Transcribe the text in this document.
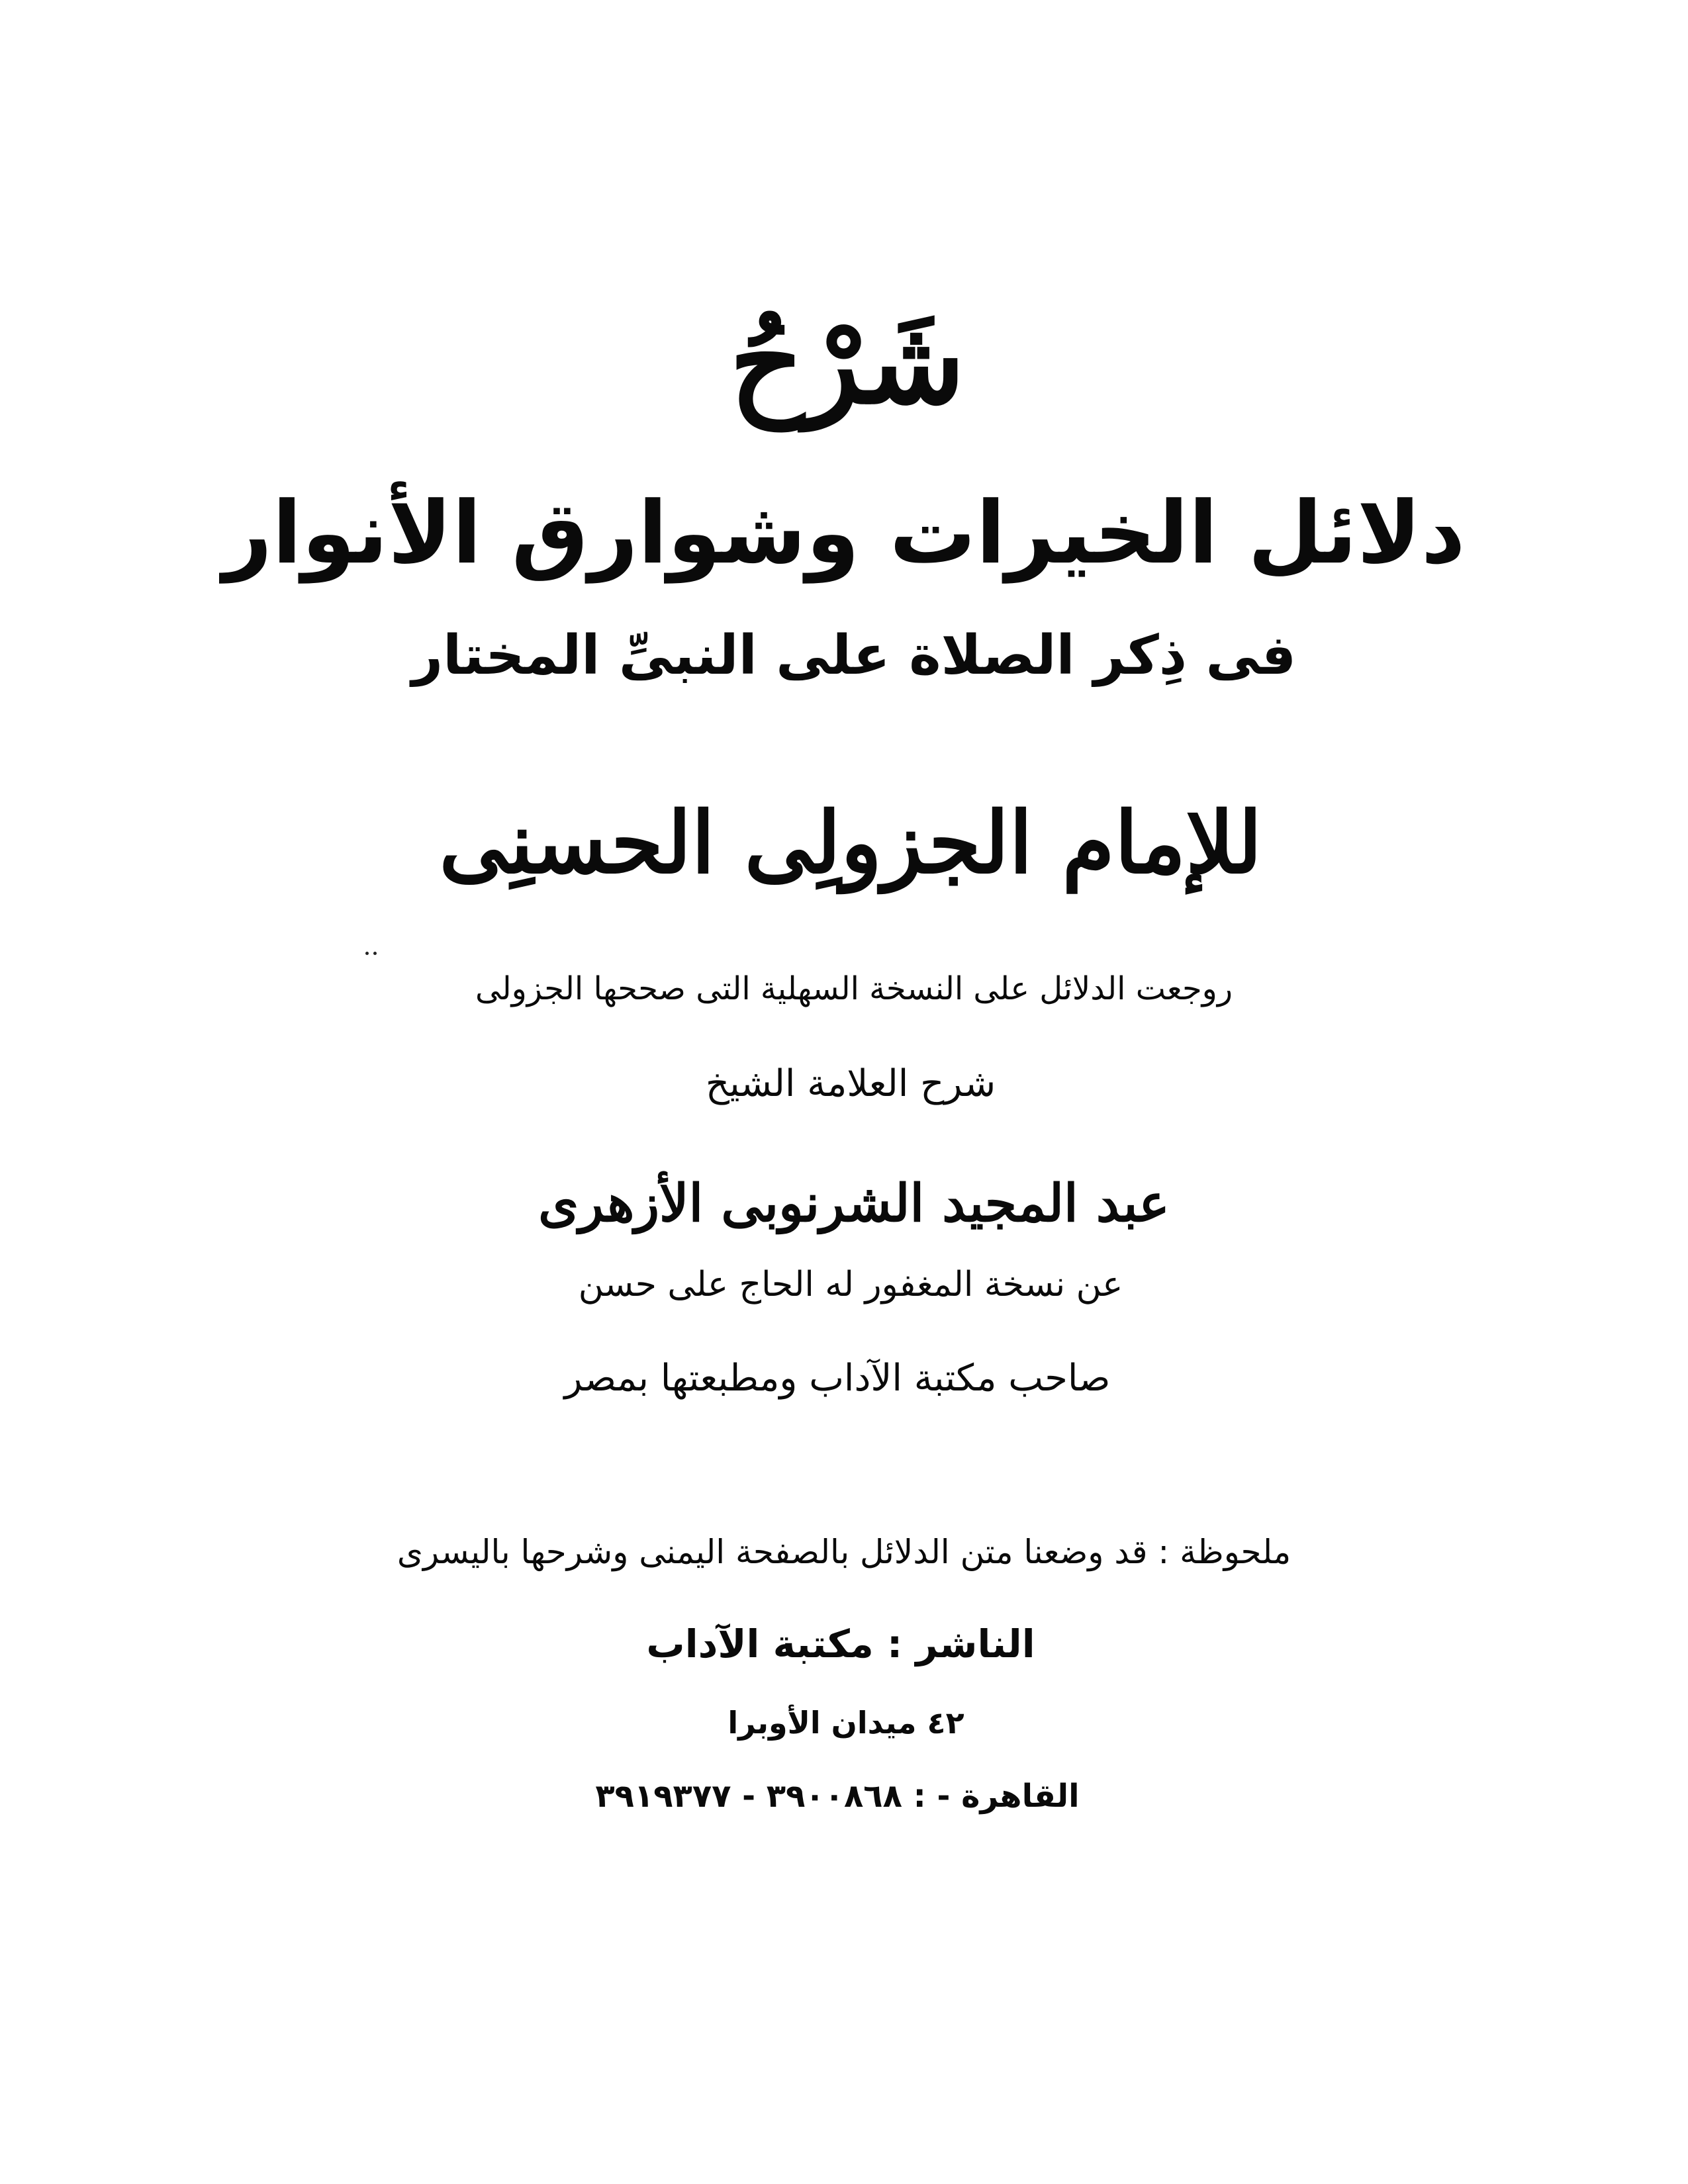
شَرْحُ
دلائل الخيرات وشوارق الأنوار
فى ذِكر الصلاة على النبىِّ المختار
للإمام الجزولِى الحسنِى
روجعت الدلائل على النسخة السهلية التى صححها الجزولى
شرح العلامة الشيخ
عبد المجيد الشرنوبى الأزهرى
عن نسخة المغفور له الحاج على حسن
صاحب مكتبة الآداب ومطبعتها بمصر
ملحوظة : قد وضعنا متن الدلائل بالصفحة اليمنى وشرحها باليسرى
الناشر : مكتبة الآداب
٤٢ ميدان الأوبرا
القاهرة - : ٣٩٠٠٨٦٨ - ٣٩١٩٣٧٧
